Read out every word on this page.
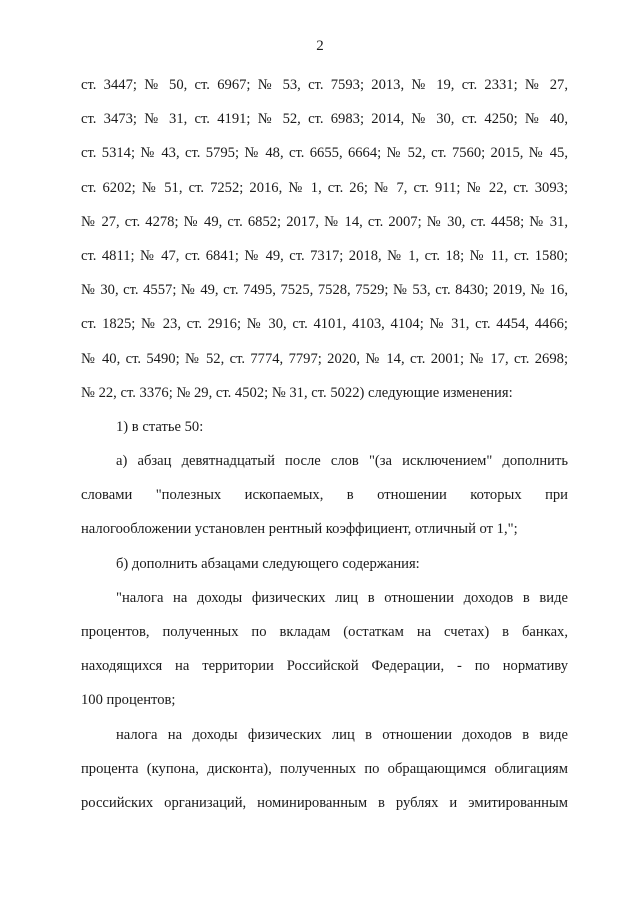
2
ст. 3447; № 50, ст. 6967; № 53, ст. 7593; 2013, № 19, ст. 2331; № 27,
ст. 3473; № 31, ст. 4191; № 52, ст. 6983; 2014, № 30, ст. 4250; № 40,
ст. 5314; № 43, ст. 5795; № 48, ст. 6655, 6664; № 52, ст. 7560; 2015, № 45,
ст. 6202; № 51, ст. 7252; 2016, № 1, ст. 26; № 7, ст. 911; № 22, ст. 3093;
№ 27, ст. 4278; № 49, ст. 6852; 2017, № 14, ст. 2007; № 30, ст. 4458; № 31,
ст. 4811; № 47, ст. 6841; № 49, ст. 7317; 2018, № 1, ст. 18; № 11, ст. 1580;
№ 30, ст. 4557; № 49, ст. 7495, 7525, 7528, 7529; № 53, ст. 8430; 2019, № 16,
ст. 1825; № 23, ст. 2916; № 30, ст. 4101, 4103, 4104; № 31, ст. 4454, 4466;
№ 40, ст. 5490; № 52, ст. 7774, 7797; 2020, № 14, ст. 2001; № 17, ст. 2698;
№ 22, ст. 3376; № 29, ст. 4502; № 31, ст. 5022) следующие изменения:
1) в статье 50:
а) абзац девятнадцатый после слов "(за исключением" дополнить
словами "полезных ископаемых, в отношении которых при
налогообложении установлен рентный коэффициент, отличный от 1,";
б) дополнить абзацами следующего содержания:
"налога на доходы физических лиц в отношении доходов в виде
процентов, полученных по вкладам (остаткам на счетах) в банках,
находящихся на территории Российской Федерации, - по нормативу
100 процентов;
налога на доходы физических лиц в отношении доходов в виде
процента (купона, дисконта), полученных по обращающимся облигациям
российских организаций, номинированным в рублях и эмитированным
